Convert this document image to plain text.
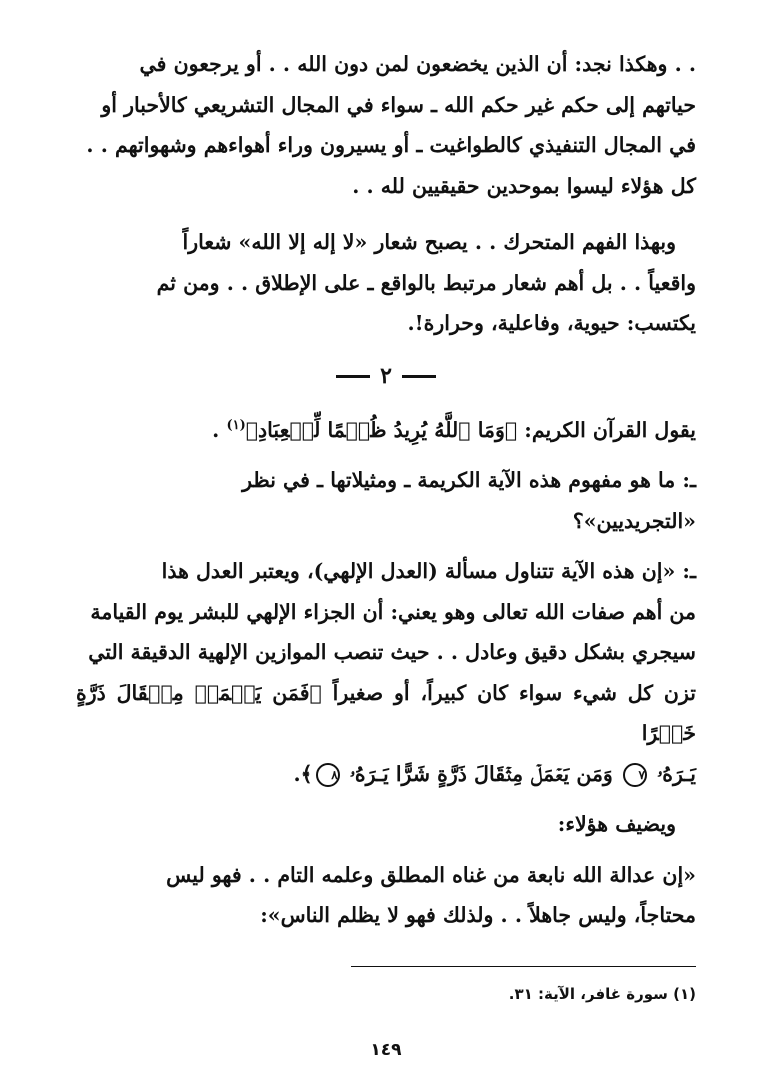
. . وهكذا نجد: أن الذين يخضعون لمن دون الله . . أو يرجعون في

حياتهم إلى حكم غير حكم الله ـ سواء في المجال التشريعي كالأحبار أو

في المجال التنفيذي كالطواغيت ـ أو يسيرون وراء أهواءهم وشهواتهم . .

كل هؤلاء ليسوا بموحدين حقيقيين لله . .

وبهذا الفهم المتحرك . . يصبح شعار «لا إله إلا الله» شعاراً

واقعياً . . بل أهم شعار مرتبط بالواقع ـ على الإطلاق . . ومن ثم

يكتسب: حيوية، وفاعلية، وحرارة!.

٢

يقول القرآن الكريم: ﴿وَمَا ٱللَّهُ يُرِيدُ ظُلۡمًا لِّلۡعِبَادِ﴾$^{(١)}$ .

ـ: ما هو مفهوم هذه الآية الكريمة ـ ومثيلاتها ـ في نظر

«التجريديين»؟

ـ: «إن هذه الآية تتناول مسألة (العدل الإلهي)، ويعتبر العدل هذا

من أهم صفات الله تعالى وهو يعني: أن الجزاء الإلهي للبشر يوم القيامة

سيجري بشكل دقيق وعادل . . حيث تنصب الموازين الإلهية الدقيقة التي

تزن كل شيء سواء كان كبيراً، أو صغيراً ﴿فَمَن يَعۡمَلۡ مِثۡقَالَ ذَرَّةٍ خَيۡرًا

يَـرَهُۥ ٧ وَمَن يَعۡمَلۡ مِثۡقَالَ ذَرَّةٍ شَرًّا يَـرَهُۥ ٨﴾.

ويضيف هؤلاء:

«إن عدالة الله نابعة من غناه المطلق وعلمه التام . . فهو ليس

محتاجاً، وليس جاهلاً . . ولذلك فهو لا يظلم الناس»:

(١) سورة غافر، الآية: ٣١.
١٤٩
